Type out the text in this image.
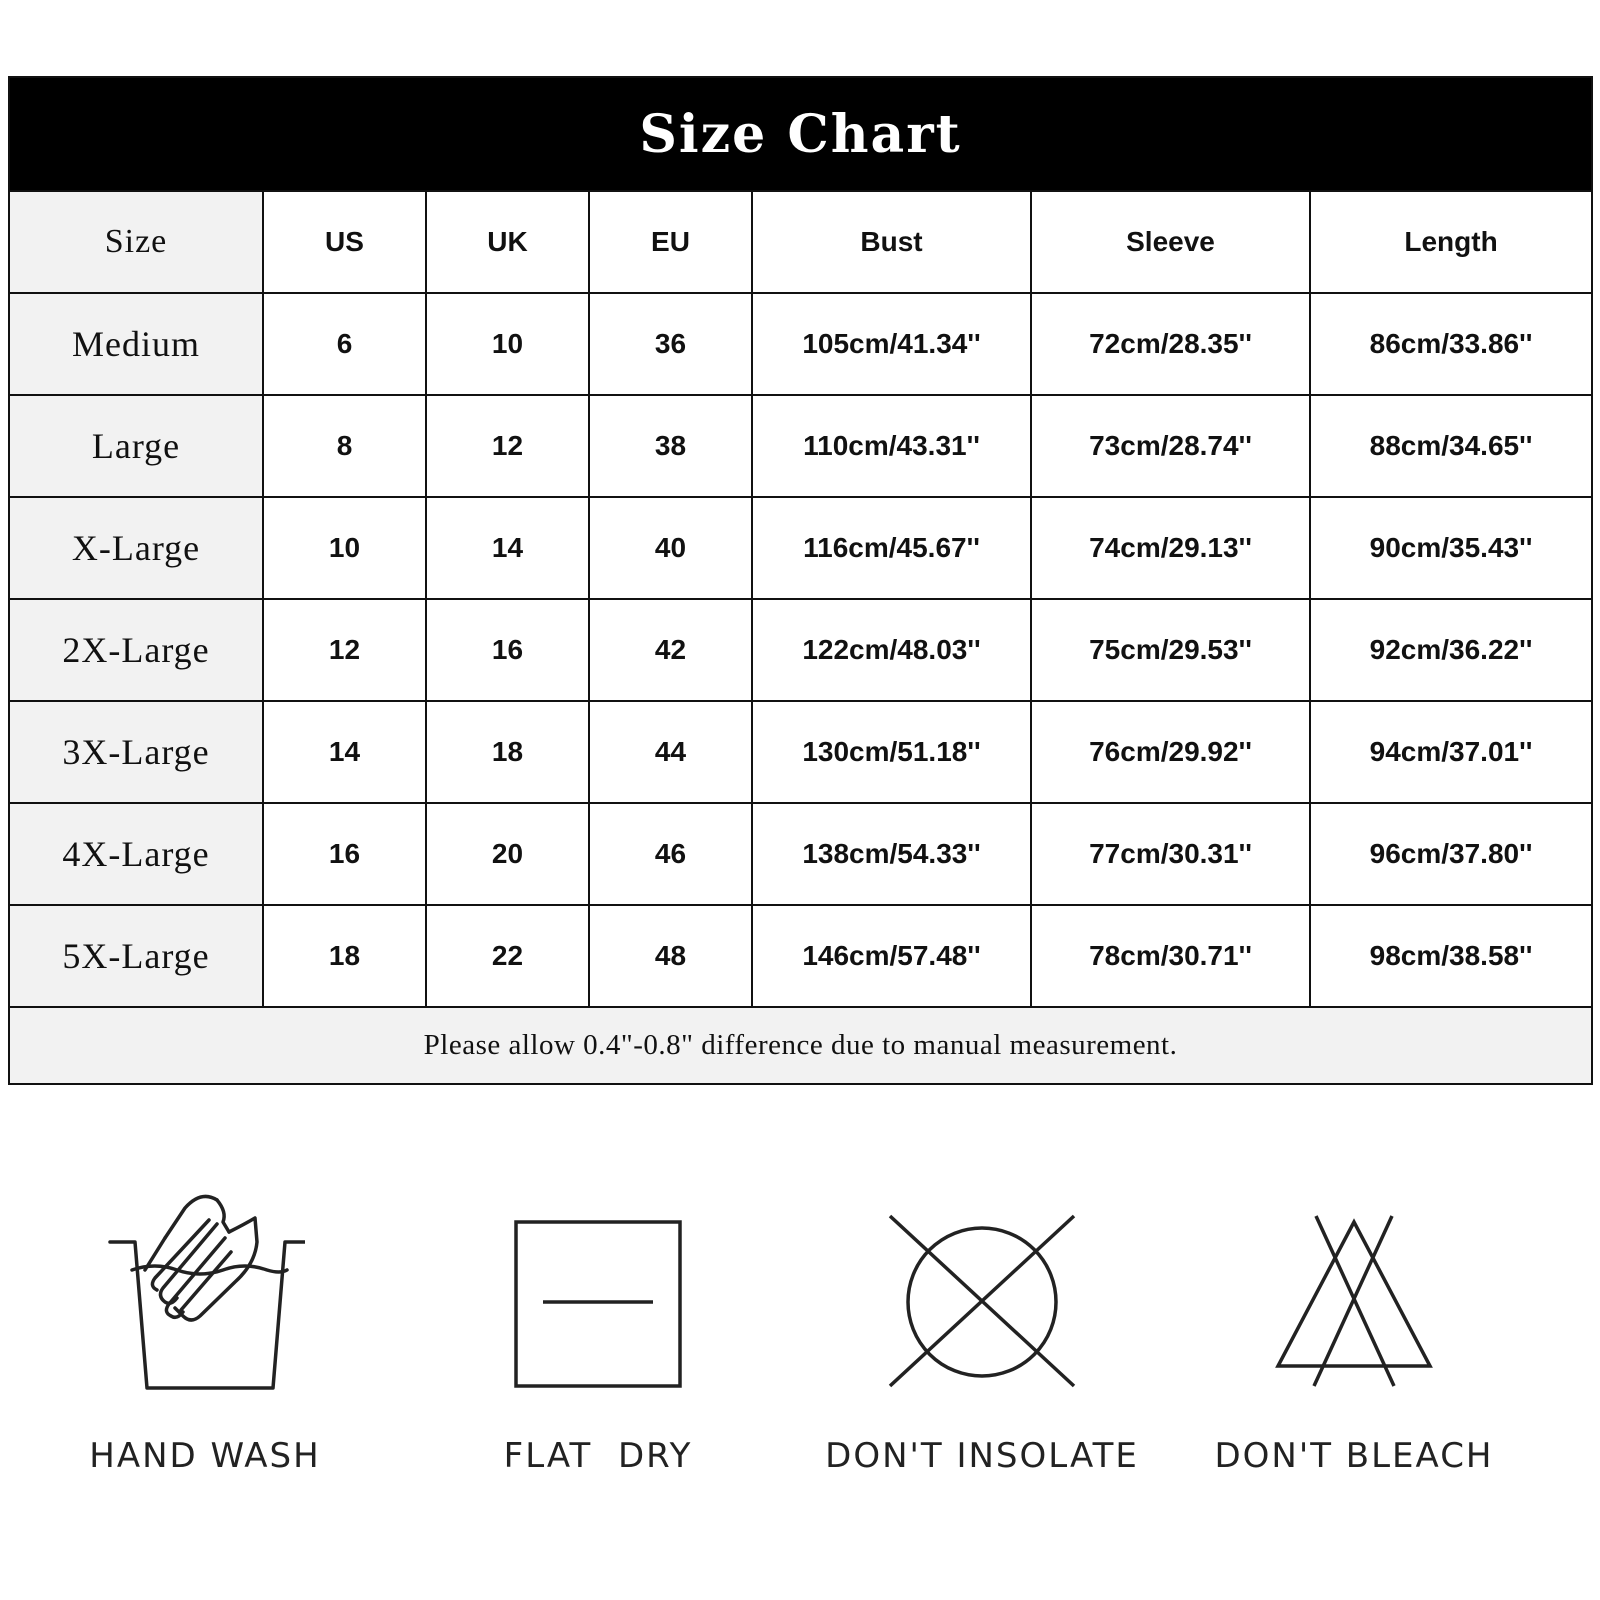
Size Chart						
Size	US	UK	EU	Bust	Sleeve	Length
Medium	6	10	36	105cm/41.34''	72cm/28.35''	86cm/33.86''
Large	8	12	38	110cm/43.31''	73cm/28.74''	88cm/34.65''
X-Large	10	14	40	116cm/45.67''	74cm/29.13''	90cm/35.43''
2X-Large	12	16	42	122cm/48.03''	75cm/29.53''	92cm/36.22''
3X-Large	14	18	44	130cm/51.18''	76cm/29.92''	94cm/37.01''
4X-Large	16	20	46	138cm/54.33''	77cm/30.31''	96cm/37.80''
5X-Large	18	22	48	146cm/57.48''	78cm/30.71''	98cm/38.58''
Please allow 0.4"-0.8" difference due to manual measurement.						
HAND WASH	FLAT  DRY	DON'T INSOLATE	DON'T BLEACH
